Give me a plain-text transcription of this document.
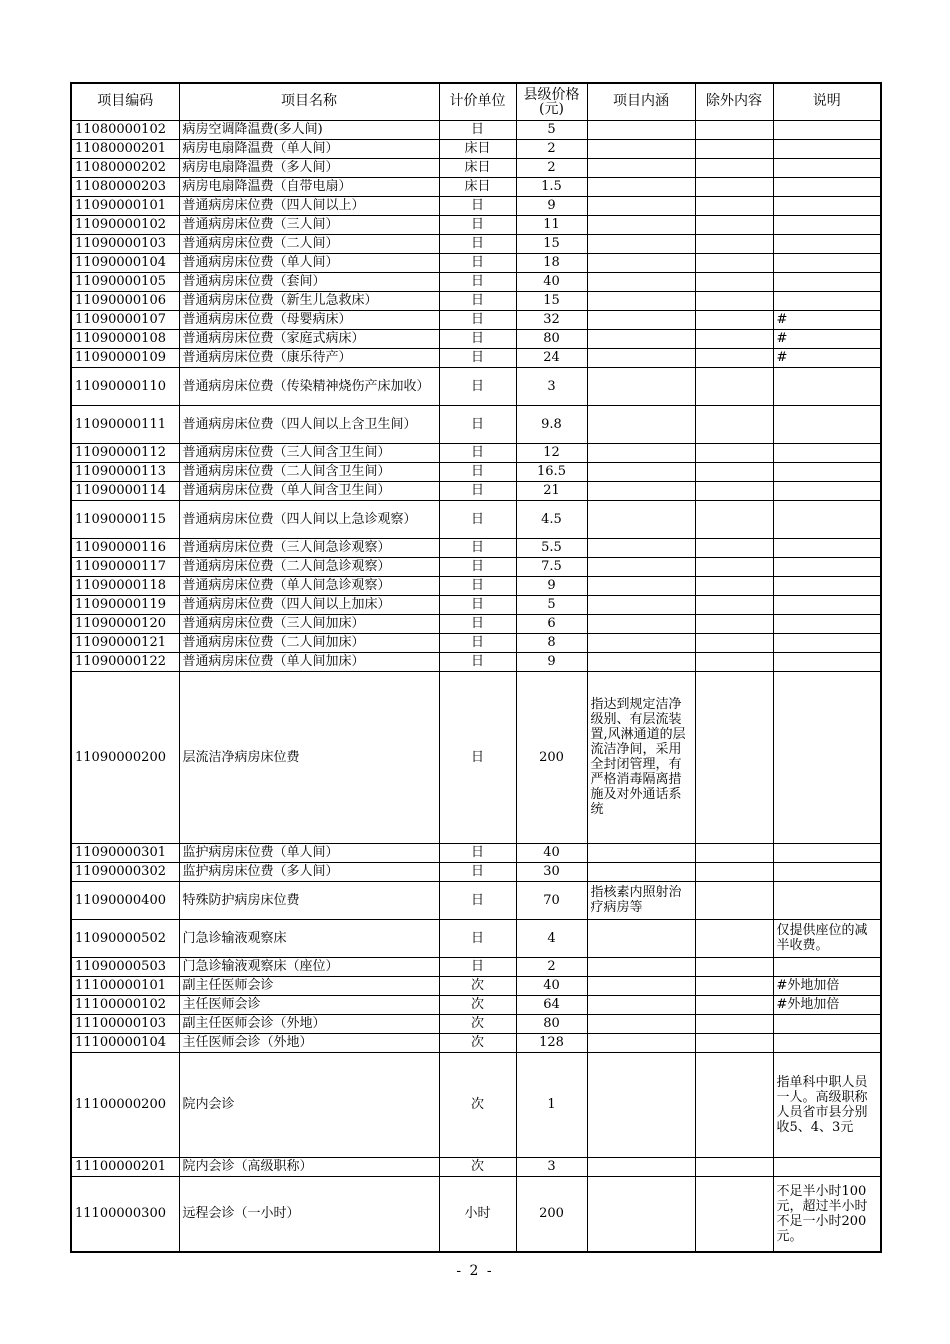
项目编码	项目名称	计价单位	县级价格(元)	项目内涵	除外内容	说明
11080000102	病房空调降温费(多人间)	日	5			
11080000201	病房电扇降温费（单人间）	床日	2			
11080000202	病房电扇降温费（多人间）	床日	2			
11080000203	病房电扇降温费（自带电扇）	床日	1.5			
11090000101	普通病房床位费（四人间以上）	日	9			
11090000102	普通病房床位费（三人间）	日	11			
11090000103	普通病房床位费（二人间）	日	15			
11090000104	普通病房床位费（单人间）	日	18			
11090000105	普通病房床位费（套间）	日	40			
11090000106	普通病房床位费（新生儿急救床）	日	15			
11090000107	普通病房床位费（母婴病床）	日	32			#
11090000108	普通病房床位费（家庭式病床）	日	80			#
11090000109	普通病房床位费（康乐待产）	日	24			#
11090000110	普通病房床位费（传染精神烧伤产床加收）	日	3			
11090000111	普通病房床位费（四人间以上含卫生间）	日	9.8			
11090000112	普通病房床位费（三人间含卫生间）	日	12			
11090000113	普通病房床位费（二人间含卫生间）	日	16.5			
11090000114	普通病房床位费（单人间含卫生间）	日	21			
11090000115	普通病房床位费（四人间以上急诊观察）	日	4.5			
11090000116	普通病房床位费（三人间急诊观察）	日	5.5			
11090000117	普通病房床位费（二人间急诊观察）	日	7.5			
11090000118	普通病房床位费（单人间急诊观察）	日	9			
11090000119	普通病房床位费（四人间以上加床）	日	5			
11090000120	普通病房床位费（三人间加床）	日	6			
11090000121	普通病房床位费（二人间加床）	日	8			
11090000122	普通病房床位费（单人间加床）	日	9			
11090000200	层流洁净病房床位费	日	200	指达到规定洁净级别、有层流装置,风淋通道的层流洁净间，采用全封闭管理，有严格消毒隔离措施及对外通话系统		
11090000301	监护病房床位费（单人间）	日	40			
11090000302	监护病房床位费（多人间）	日	30			
11090000400	特殊防护病房床位费	日	70	指核素内照射治疗病房等		
11090000502	门急诊输液观察床	日	4			仅提供座位的减半收费。
11090000503	门急诊输液观察床（座位）	日	2			
11100000101	副主任医师会诊	次	40			#外地加倍
11100000102	主任医师会诊	次	64			#外地加倍
11100000103	副主任医师会诊（外地）	次	80			
11100000104	主任医师会诊（外地）	次	128			
11100000200	院内会诊	次	1			指单科中职人员一人。高级职称人员省市县分别收5、4、3元
11100000201	院内会诊（高级职称）	次	3			
11100000300	远程会诊（一小时）	小时	200			不足半小时100元，超过半小时不足一小时200元。
- 2 -
